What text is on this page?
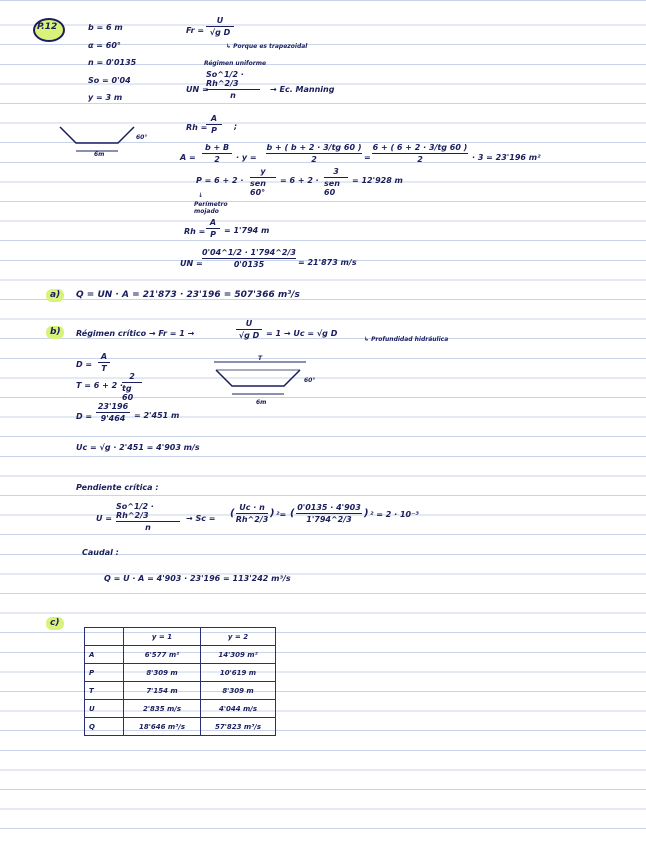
P.12	b = 6 m
α = 60°
n = 0'0135
So = 0'04
y = 3 m
Fr =
U
√g D
↳ Porque es trapezoidal
Régimen uniforme
UN =
So^1/2 · Rh^2/3
n
→ Ec. Manning
6m
60°
Rh =
A
P ;
A =
b + B
2 · y =
b + ( b + 2 · 3/tg 60 )
2	=
6 + ( 6 + 2 · 3/tg 60 )
2	· 3 = 23'196 m²
P = 6 + 2 ·
y
sen 60°
= 6 + 2 ·
3
sen 60
= 12'928 m
↓
Perímetro mojado
Rh =
A
P = 1'794 m
UN =
0'04^1/2 · 1'794^2/3
0'0135	= 21'873 m/s
a) Q = UN · A = 21'873 · 23'196 = 507'366 m³/s
b) Régimen crítico → Fr = 1 →
U
√g D = 1 → Uc = √g D
↳ Profundidad hidráulica
D =
A
T
T = 6 + 2 ·
2
tg 60
T
6m
60°
D =
23'196
9'464 = 2'451 m
Uc = √g · 2'451 = 4'903 m/s
Pendiente crítica :
U =
So^1/2 · Rh^2/3
n
→ Sc = (
Uc · n
Rh^2/3
) ²= (
0'0135 · 4'903
1'794^2/3
) ² = 2 · 10⁻³
Caudal :
Q = U · A = 4'903 · 23'196 = 113'242 m³/s
c)
	y = 1	y = 2
A	6'577 m²	14'309 m²
P	8'309 m	10'619 m
T	7'154 m	8'309 m
U	2'835 m/s	4'044 m/s
Q	18'646 m³/s	57'823 m³/s
